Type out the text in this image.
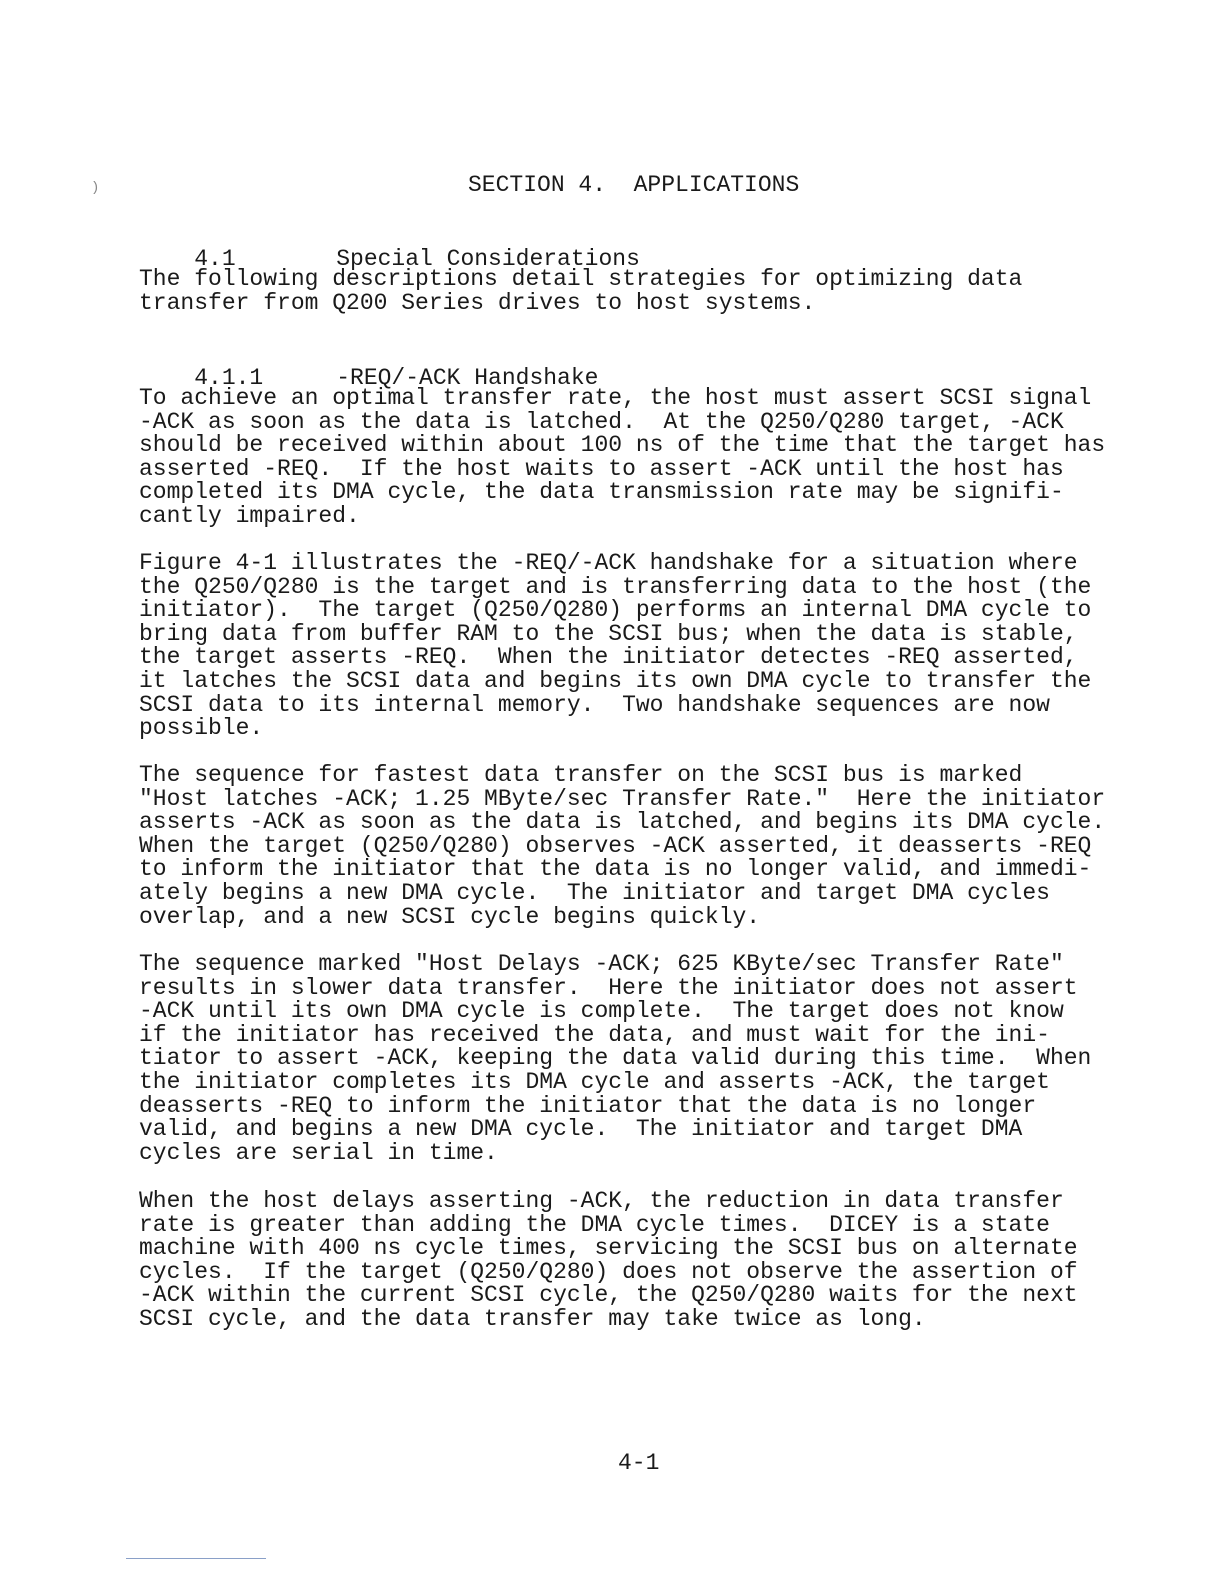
)	SECTION 4.  APPLICATIONS

4.1	Special Considerations

The following descriptions detail strategies for optimizing data
transfer from Q200 Series drives to host systems.

4.1.1	-REQ/-ACK Handshake

To achieve an optimal transfer rate, the host must assert SCSI signal
-ACK as soon as the data is latched.  At the Q250/Q280 target, -ACK
should be received within about 100 ns of the time that the target has
asserted -REQ.  If the host waits to assert -ACK until the host has
completed its DMA cycle, the data transmission rate may be signifi-
cantly impaired.

Figure 4-1 illustrates the -REQ/-ACK handshake for a situation where
the Q250/Q280 is the target and is transferring data to the host (the
initiator).  The target (Q250/Q280) performs an internal DMA cycle to
bring data from buffer RAM to the SCSI bus; when the data is stable,
the target asserts -REQ.  When the initiator detectes -REQ asserted,
it latches the SCSI data and begins its own DMA cycle to transfer the
SCSI data to its internal memory.  Two handshake sequences are now
possible.

The sequence for fastest data transfer on the SCSI bus is marked
"Host latches -ACK; 1.25 MByte/sec Transfer Rate."  Here the initiator
asserts -ACK as soon as the data is latched, and begins its DMA cycle.
When the target (Q250/Q280) observes -ACK asserted, it deasserts -REQ
to inform the initiator that the data is no longer valid, and immedi-
ately begins a new DMA cycle.  The initiator and target DMA cycles
overlap, and a new SCSI cycle begins quickly.

The sequence marked "Host Delays -ACK; 625 KByte/sec Transfer Rate"
results in slower data transfer.  Here the initiator does not assert
-ACK until its own DMA cycle is complete.  The target does not know
if the initiator has received the data, and must wait for the ini-
tiator to assert -ACK, keeping the data valid during this time.  When
the initiator completes its DMA cycle and asserts -ACK, the target
deasserts -REQ to inform the initiator that the data is no longer
valid, and begins a new DMA cycle.  The initiator and target DMA
cycles are serial in time.

When the host delays asserting -ACK, the reduction in data transfer
rate is greater than adding the DMA cycle times.  DICEY is a state
machine with 400 ns cycle times, servicing the SCSI bus on alternate
cycles.  If the target (Q250/Q280) does not observe the assertion of
-ACK within the current SCSI cycle, the Q250/Q280 waits for the next
SCSI cycle, and the data transfer may take twice as long.

4-1
